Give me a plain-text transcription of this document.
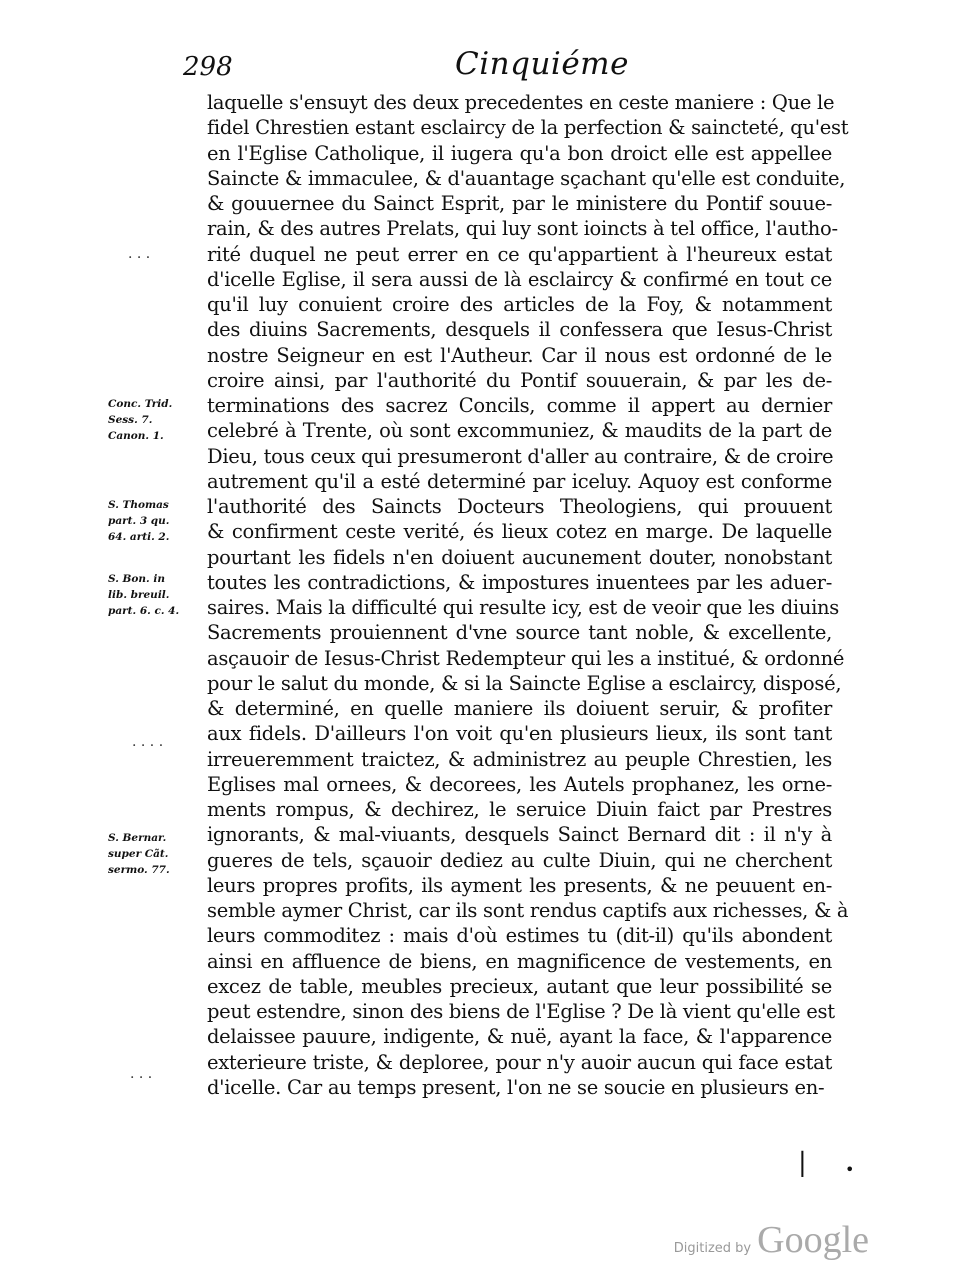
298	Cinquiéme
laquelle s'ensuyt des deux precedentes en ceste maniere : Que le
fidel Chrestien estant esclaircy de la perfection & saincteté, qu'est
en l'Eglise Catholique, il iugera qu'a bon droict elle est appellee
Saincte & immaculee, & d'auantage sçachant qu'elle est conduite,
& gouuernee du Sainct Esprit, par le ministere du Pontif souue-
rain, & des autres Prelats, qui luy sont ioincts à tel office, l'autho-
rité duquel ne peut errer en ce qu'appartient à l'heureux estat
d'icelle Eglise, il sera aussi de là esclaircy & confirmé en tout ce
qu'il luy conuient croire des articles de la Foy, & notamment
des diuins Sacrements, desquels il confessera que Iesus-Christ
nostre Seigneur en est l'Autheur. Car il nous est ordonné de le
croire ainsi, par l'authorité du Pontif souuerain, & par les de-
terminations des sacrez Concils, comme il appert au dernier
celebré à Trente, où sont excommuniez, & maudits de la part de
Dieu, tous ceux qui presumeront d'aller au contraire, & de croire
autrement qu'il a esté determiné par iceluy. Aquoy est conforme
l'authorité des Saincts Docteurs Theologiens, qui prouuent
& confirment ceste verité, és lieux cotez en marge. De laquelle
pourtant les fidels n'en doiuent aucunement douter, nonobstant
toutes les contradictions, & impostures inuentees par les aduer-
saires. Mais la difficulté qui resulte icy, est de veoir que les diuins
Sacrements prouiennent d'vne source tant noble, & excellente,
asçauoir de Iesus-Christ Redempteur qui les a institué, & ordonné
pour le salut du monde, & si la Saincte Eglise a esclaircy, disposé,
& determiné, en quelle maniere ils doiuent seruir, & profiter
aux fidels. D'ailleurs l'on voit qu'en plusieurs lieux, ils sont tant
irreueremment traictez, & administrez au peuple Chrestien, les
Eglises mal ornees, & decorees, les Autels prophanez, les orne-
ments rompus, & dechirez, le seruice Diuin faict par Prestres
ignorants, & mal-viuants, desquels Sainct Bernard dit : il n'y à
gueres de tels, sçauoir dediez au culte Diuin, qui ne cherchent
leurs propres profits, ils ayment les presents, & ne peuuent en-
semble aymer Christ, car ils sont rendus captifs aux richesses, & à
leurs commoditez : mais d'où estimes tu (dit-il) qu'ils abondent
ainsi en affluence de biens, en magnificence de vestements, en
excez de table, meubles precieux, autant que leur possibilité se
peut estendre, sinon des biens de l'Eglise ? De là vient qu'elle est
delaissee pauure, indigente, & nuë, ayant la face, & l'apparence
exterieure triste, & deploree, pour n'y auoir aucun qui face estat
d'icelle. Car au temps present, l'on ne se soucie en plusieurs en-
Conc. Trid.
Sess. 7.
Canon. 1.
S. Thomas
part. 3 qu.
64. arti. 2.
S. Bon. in
lib. breuil.
part. 6. c. 4.
S. Bernar.
super Cãt.
sermo. 77.
· · ·
· · · ·
· · ·
| •
Digitized by Google
